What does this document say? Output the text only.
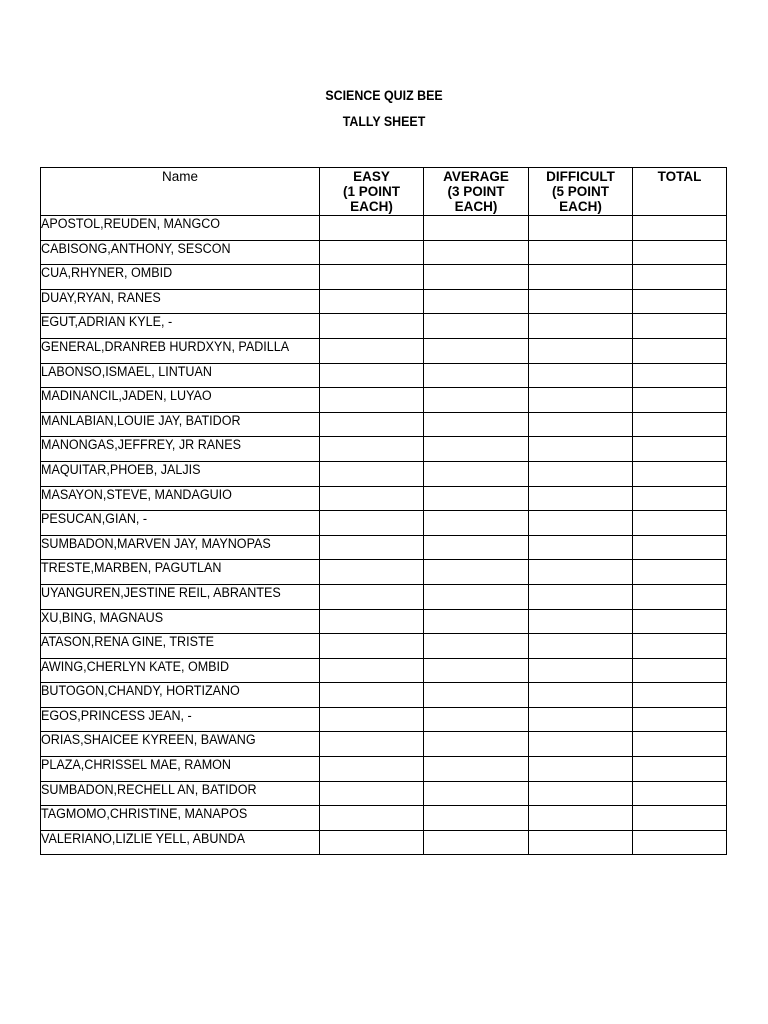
SCIENCE QUIZ BEE
TALLY SHEET
Name	EASY
(1 POINT
EACH)	AVERAGE
(3 POINT
EACH)	DIFFICULT
(5 POINT
EACH)	TOTAL

APOSTOL,REUDEN, MANGCO				
CABISONG,ANTHONY, SESCON				
CUA,RHYNER, OMBID				
DUAY,RYAN, RANES				
EGUT,ADRIAN KYLE, -				
GENERAL,DRANREB HURDXYN, PADILLA				
LABONSO,ISMAEL, LINTUAN				
MADINANCIL,JADEN, LUYAO				
MANLABIAN,LOUIE JAY, BATIDOR				
MANONGAS,JEFFREY, JR RANES				
MAQUITAR,PHOEB, JALJIS				
MASAYON,STEVE, MANDAGUIO				
PESUCAN,GIAN, -				
SUMBADON,MARVEN JAY, MAYNOPAS				
TRESTE,MARBEN, PAGUTLAN				
UYANGUREN,JESTINE REIL, ABRANTES				
XU,BING, MAGNAUS				
ATASON,RENA GINE, TRISTE				
AWING,CHERLYN KATE, OMBID				
BUTOGON,CHANDY, HORTIZANO				
EGOS,PRINCESS JEAN, -				
ORIAS,SHAICEE KYREEN, BAWANG				
PLAZA,CHRISSEL MAE, RAMON				
SUMBADON,RECHELL AN, BATIDOR				
TAGMOMO,CHRISTINE, MANAPOS				
VALERIANO,LIZLIE YELL, ABUNDA				
